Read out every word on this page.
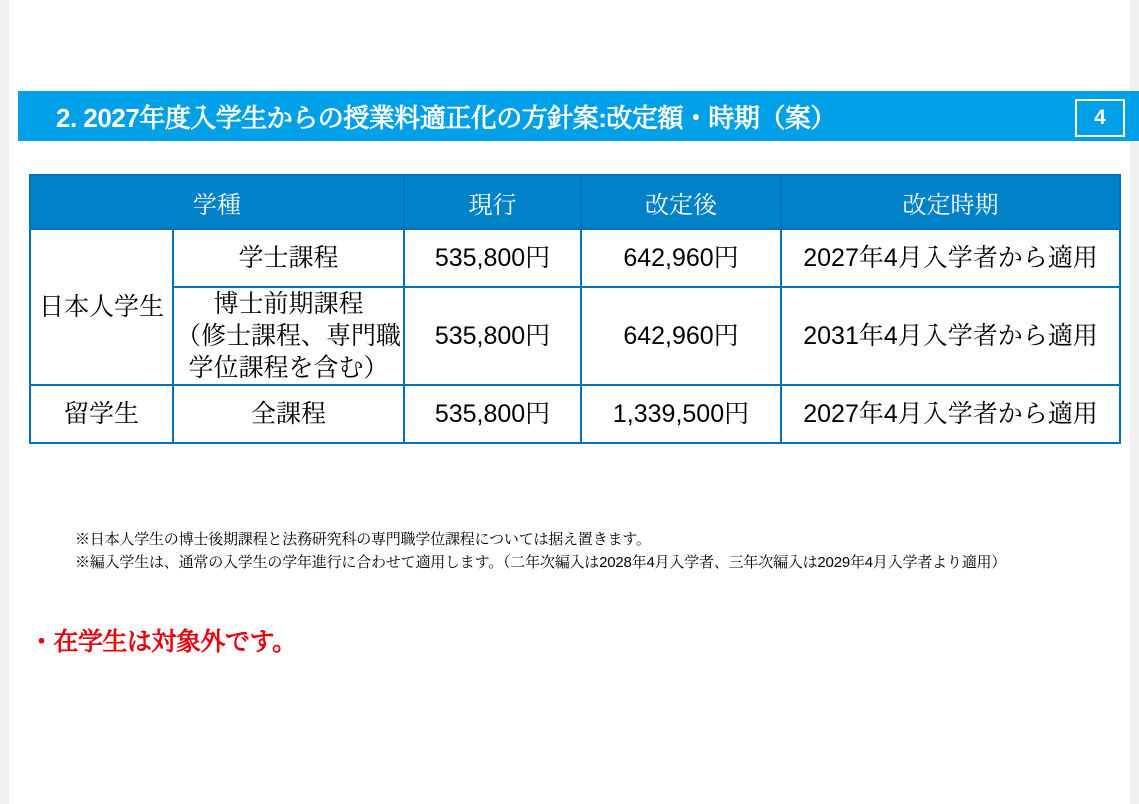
2. 2027年度入学生からの授業料適正化の方針案:改定額・時期（案）	4
学種		現行	改定後	改定時期
日本人学生	学士課程	535,800円	642,960円	2027年4月入学者から適用

	博士前期課程
（修士課程、専門職
学位課程を含む）	535,800円	642,960円	2031年4月入学者から適用
留学生	全課程	535,800円	1,339,500円	2027年4月入学者から適用
※日本人学生の博士後期課程と法務研究科の専門職学位課程については据え置きます。
※編入学生は、通常の入学生の学年進行に合わせて適用します。（二年次編入は2028年4月入学者、三年次編入は2029年4月入学者より適用）
・在学生は対象外です。
